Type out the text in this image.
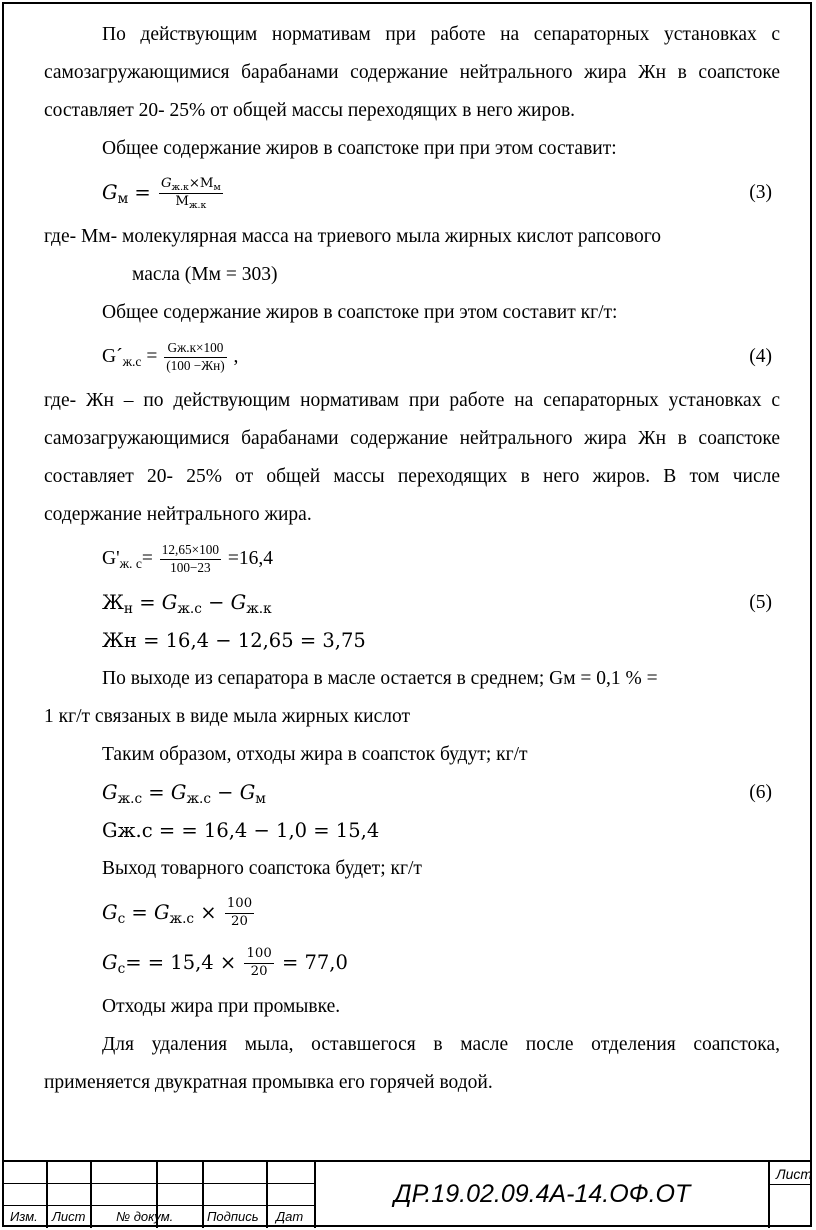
По действующим нормативам при работе на сепараторных установках с самозагружающимися барабанами содержание нейтрального жира Жн в соапстоке составляет 20- 25% от общей массы переходящих в него жиров.

Общее содержание жиров в соапстоке при при этом составит:

$G_м = \frac{G_{ж.к}\times М_м}{М_{ж.к}}$	(3)
где- Мм- молекулярная масса на триевого мыла жирных кислот рапсового
масла (Мм = 303)
Общее содержание жиров в соапстоке при этом составит кг/т:
$G´_{ж.с} = \frac{Gж.к\times 100}{(100 -Жн)}$ ,	(4)

где- Жн – по действующим нормативам при работе на сепараторных установках с самозагружающимися барабанами содержание нейтрального жира Жн в соапстоке составляет 20- 25% от общей массы переходящих в него жиров. В том числе содержание нейтрального жира.

$G'_{ж. с}= \frac{12,65\times 100}{100-23} =16,4$
$Ж_н = G_{ж.с} - G_{ж.к}$	(5)
Жн = 16,4 − 12,65 = 3,75
По выходе из сепаратора в масле остается в среднем; Gм = 0,1 % =
1 кг/т связаных в виде мыла жирных кислот
Таким образом, отходы жира в соапсток будут; кг/т
$G_{ж.с} = G_{ж.с} - G_м$	(6)
Gж.с = = 16,4 − 1,0 = 15,4
Выход товарного соапстока будет; кг/т
$G_с = G_{ж.с} \times \frac{100}{20}$
$G_с= = 15,4 \times \frac{100}{20} = 77,0$
Отходы жира при промывке.

Для удаления мыла, оставшегося в масле после отделения соапстока, применяется двукратная промывка его горячей водой.

Изм. Лист № докум.	Подпись Дат
ДР.19.02.09.4А-14.ОФ.ОТ
Лист
